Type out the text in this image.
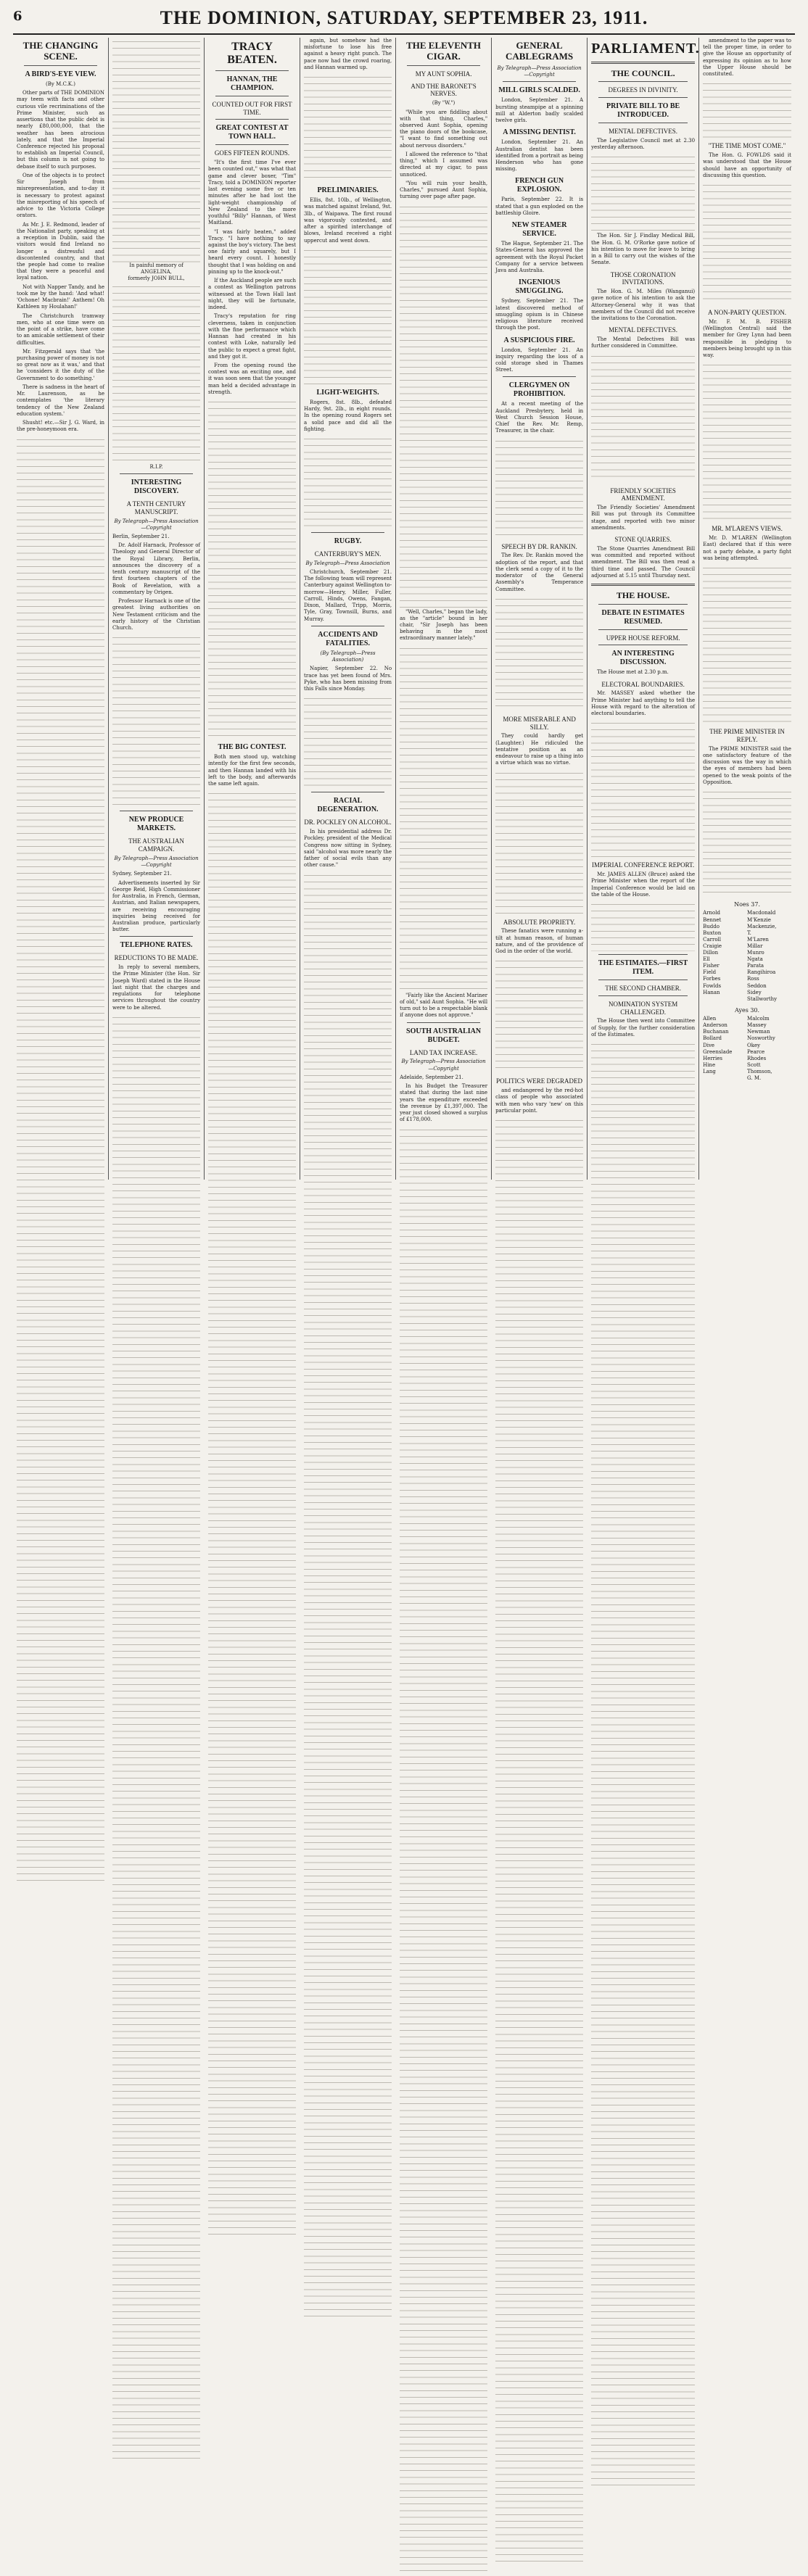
6	THE DOMINION, SATURDAY, SEPTEMBER 23, 1911.
THE CHANGING SCENE.
A BIRD'S-EYE VIEW.

(By M.C.K.)

Other parts of THE DOMINION may teem with facts and other curious vile recriminations of the Prime Minister, such as assertions that the public debt is nearly £80,000,000, that the weather has been atrocious lately, and that the Imperial Conference rejected his proposal to establish an Imperial Council, but this column is not going to debase itself to such purposes.

One of the objects is to protect Sir Joseph from misrepresentation, and to-day it is necessary to protest against the misreporting of his speech of advice to the Victoria College orators.

As Mr. J. E. Redmond, leader of the Nationalist party, speaking at a reception in Dublin, said the visitors would find Ireland no longer a distressful and discontented country, and that the people had come to realise that they were a peaceful and loyal nation.

Not with Napper Tandy, and he took me by the hand: 'And what! 'Ochone! Macbrain!' Anthem! Oh Kathleen ny Houlahan!'

The Christchurch tramway men, who at one time were on the point of a strike, have come to an amicable settlement of their difficulties.

Mr. Fitzgerald says that 'the purchasing power of money is not so great now as it was,' and that he 'considers it the duty of the Government to do something.'

There is sadness in the heart of Mr. Laurenson, as he contemplates 'the literary tendency of the New Zealand education system.'

Shusht! etc.—Sir J. G. Ward, in the pre-honeymoon era.

In painful memory of

ANGELINA,

formerly JOHN BULL,

R.I.P.

INTERESTING DISCOVERY.
A TENTH CENTURY MANUSCRIPT.

By Telegraph—Press Association—Copyright

Berlin, September 21.

Dr. Adolf Harnack, Professor of Theology and General Director of the Royal Library, Berlin, announces the discovery of a tenth century manuscript of the first fourteen chapters of the Book of Revelation, with a commentary by Origen.

Professor Harnack is one of the greatest living authorities on New Testament criticism and the early history of the Christian Church.

NEW PRODUCE MARKETS.
THE AUSTRALIAN CAMPAIGN.

By Telegraph—Press Association—Copyright

Sydney, September 21.

Advertisements inserted by Sir George Reid, High Commissioner for Australia, in French, German, Austrian, and Italian newspapers, are receiving encouraging inquiries being received for Australian produce, particularly butter.

TELEPHONE RATES.
REDUCTIONS TO BE MADE.

In reply to several members, the Prime Minister (the Hon. Sir Joseph Ward) stated in the House last night that the charges and regulations for telephone services throughout the country were to be altered.

TRACY BEATEN.
HANNAN, THE CHAMPION.
COUNTED OUT FOR FIRST TIME.
GREAT CONTEST AT TOWN HALL.
GOES FIFTEEN ROUNDS.

"It's the first time I've ever been counted out," was what that game and clever boxer, "Tim" Tracy, told a DOMINION reporter last evening some five or ten minutes after he had lost the light-weight championship of New Zealand to the more youthful "Billy" Hannan, of West Maitland.

"I was fairly beaten," added Tracy. "I have nothing to say against the boy's victory. The best one fairly and squarely, but I heard every count. I honestly thought that I was holding on and pinning up to the knock-out."

If the Auckland people are such a contest as Wellington patrons witnessed at the Town Hall last night, they will be fortunate, indeed.

Tracy's reputation for ring cleverness, taken in conjunction with the fine performance which Hannan had created in his contest with Loke, naturally led the public to expect a great fight, and they got it.

From the opening round the contest was an exciting one, and it was soon seen that the younger man held a decided advantage in strength.

THE BIG CONTEST.

Both men stood up, watching intently for the first few seconds, and then Hannan landed with his left to the body, and afterwards the same left again.

again, but somehow had the misfortune to lose his free against a heavy right punch. The pace now had the crowd roaring, and Hannan warmed up.

PRELIMINARIES.

Ellis, 8st. 10lb., of Wellington, was matched against Ireland, 9st. 3lb., of Waipawa. The first round was vigorously contested, and after a spirited interchange of blows, Ireland received a right uppercut and went down.

LIGHT-WEIGHTS.

Rogers, 8st. 8lb., defeated Hardy, 9st. 2lb., in eight rounds. In the opening round Rogers set a solid pace and did all the fighting.

RUGBY.
CANTERBURY'S MEN.

By Telegraph—Press Association

Christchurch, September 21. The following team will represent Canterbury against Wellington to-morrow—Henry, Miller, Fuller, Carroll, Hinds, Owens, Fangan, Dixon, Mallard, Tripp, Morris, Tyle, Gray, Townsill, Burns, and Murray.

ACCIDENTS AND FATALITIES.

(By Telegraph—Press Association)

Napier, September 22. No trace has yet been found of Mrs. Pyke, who has been missing from this Falls since Monday.

RACIAL DEGENERATION.
DR. POCKLEY ON ALCOHOL.

In his presidential address Dr. Pockley, president of the Medical Congress now sitting in Sydney, said "alcohol was more nearly the father of social evils than any other cause."

THE ELEVENTH CIGAR.
MY AUNT SOPHIA.
AND THE BARONET'S NERVES.

(By "W.")

"While you are fiddling about with that thing, Charles," observed Aunt Sophia, opening the piano doors of the bookcase, "I want to find something out about nervous disorders."

I allowed the reference to "that thing," which I assumed was directed at my cigar, to pass unnoticed.

"You will ruin your health, Charles," pursued Aunt Sophia, turning over page after page.

"Well, Charles," began the lady, as the "article" bound in her chair, "Sir Joseph has been behaving in the most extraordinary manner lately."

"Fairly like the Ancient Mariner of old," said Aunt Sophia. "He will turn out to be a respectable blank if anyone does not approve."

SOUTH AUSTRALIAN BUDGET.
LAND TAX INCREASE.

By Telegraph—Press Association—Copyright

Adelaide, September 21.

In his Budget the Treasurer stated that during the last nine years the expenditure exceeded the revenue by £1,397,000. The year just closed showed a surplus of £178,000.

GENERAL CABLEGRAMS

By Telegraph—Press Association—Copyright

MILL GIRLS SCALDED.

London, September 21. A bursting steampipe at a spinning mill at Alderton badly scalded twelve girls.

A MISSING DENTIST.

London, September 21. An Australian dentist has been identified from a portrait as being Henderson who has gone missing.

FRENCH GUN EXPLOSION.

Paris, September 22. It is stated that a gun exploded on the battleship Gloire.

NEW STEAMER SERVICE.

The Hague, September 21. The States-General has approved the agreement with the Royal Packet Company for a service between Java and Australia.

INGENIOUS SMUGGLING.

Sydney, September 21. The latest discovered method of smuggling opium is in Chinese religious literature received through the post.

A SUSPICIOUS FIRE.

London, September 21. An inquiry regarding the loss of a cold storage shed in Thames Street.

CLERGYMEN ON PROHIBITION.

At a recent meeting of the Auckland Presbytery, held in West Church Session House, Chief the Rev. Mr. Remp, Treasurer, in the chair.

SPEECH BY DR. RANKIN.

The Rev. Dr. Rankin moved the adoption of the report, and that the clerk send a copy of it to the moderator of the General Assembly's Temperance Committee.

MORE MISERABLE AND SILLY.

They could hardly get (Laughter.) He ridiculed the tentative position as an endeavour to raise up a thing into a virtue which was no virtue.

ABSOLUTE PROPRIETY.

These fanatics were running a-tilt at human reason, of human nature, and of the providence of God in the order of the world.

POLITICS WERE DEGRADED

and endangered by the red-hot class of people who associated with men who vary 'new' on this particular point.

PARLIAMENT.
THE COUNCIL.
DEGREES IN DIVINITY.
PRIVATE BILL TO BE INTRODUCED.
MENTAL DEFECTIVES.

The Legislative Council met at 2.30 yesterday afternoon.

The Hon. Sir J. Findlay Medical Bill, the Hon. G. M. O'Rorke gave notice of his intention to move for leave to bring in a Bill to carry out the wishes of the Senate.

THOSE CORONATION INVITATIONS.

The Hon. G. M. Miles (Wanganui) gave notice of his intention to ask the Attorney-General why it was that members of the Council did not receive the invitations to the Coronation.

MENTAL DEFECTIVES.

The Mental Defectives Bill was further considered in Committee.

FRIENDLY SOCIETIES AMENDMENT.

The Friendly Societies' Amendment Bill was put through its Committee stage, and reported with two minor amendments.

STONE QUARRIES.

The Stone Quarries Amendment Bill was committed and reported without amendment. The Bill was then read a third time and passed. The Council adjourned at 5.15 until Thursday next.

THE HOUSE.
DEBATE IN ESTIMATES RESUMED.
UPPER HOUSE REFORM.
AN INTERESTING DISCUSSION.

The House met at 2.30 p.m.

ELECTORAL BOUNDARIES.

Mr. MASSEY asked whether the Prime Minister had anything to tell the House with regard to the alteration of electoral boundaries.

IMPERIAL CONFERENCE REPORT.

Mr. JAMES ALLEN (Bruce) asked the Prime Minister when the report of the Imperial Conference would be laid on the table of the House.

THE ESTIMATES.—FIRST ITEM.
THE SECOND CHAMBER.
NOMINATION SYSTEM CHALLENGED.

The House then went into Committee of Supply, for the further consideration of the Estimates.

amendment to the paper was to tell the proper time, in order to give the House an opportunity of expressing its opinion as to how the Upper House should be constituted.

"THE TIME MOST COME."

The Hon. G. FOWLDS said it was understood that the House should have an opportunity of discussing this question.

A NON-PARTY QUESTION.

Mr. F. M. B. FISHER (Wellington Central) said the member for Grey Lynn had been responsible in pledging to members being brought up in this way.

MR. M'LAREN'S VIEWS.

Mr. D. M'LAREN (Wellington East) declared that if this were not a party debate, a party fight was being attempted.

THE PRIME MINISTER IN REPLY.

The PRIME MINISTER said the one satisfactory feature of the discussion was the way in which the eyes of members had been opened to the weak points of the Opposition.

Noes 37.
Arnold
Bennet
Buddo
Buxton
Carroll
Craigie
Dillon
Ell
Fisher
Field
Forbes
Fowlds
Hanan
Macdonald
M'Kenzie
Mackenzie, T.
M'Laren
Millar
Munro
Ngata
Parata
Rangihiroa
Ross
Seddon
Sidey
Stallworthy
Ayes 30.
Allen
Anderson
Buchanan
Bollard
Dive
Greenslade
Herries
Hine
Lang
Malcolm
Massey
Newman
Nosworthy
Okey
Pearce
Rhodes
Scott
Thomson, G. M.
